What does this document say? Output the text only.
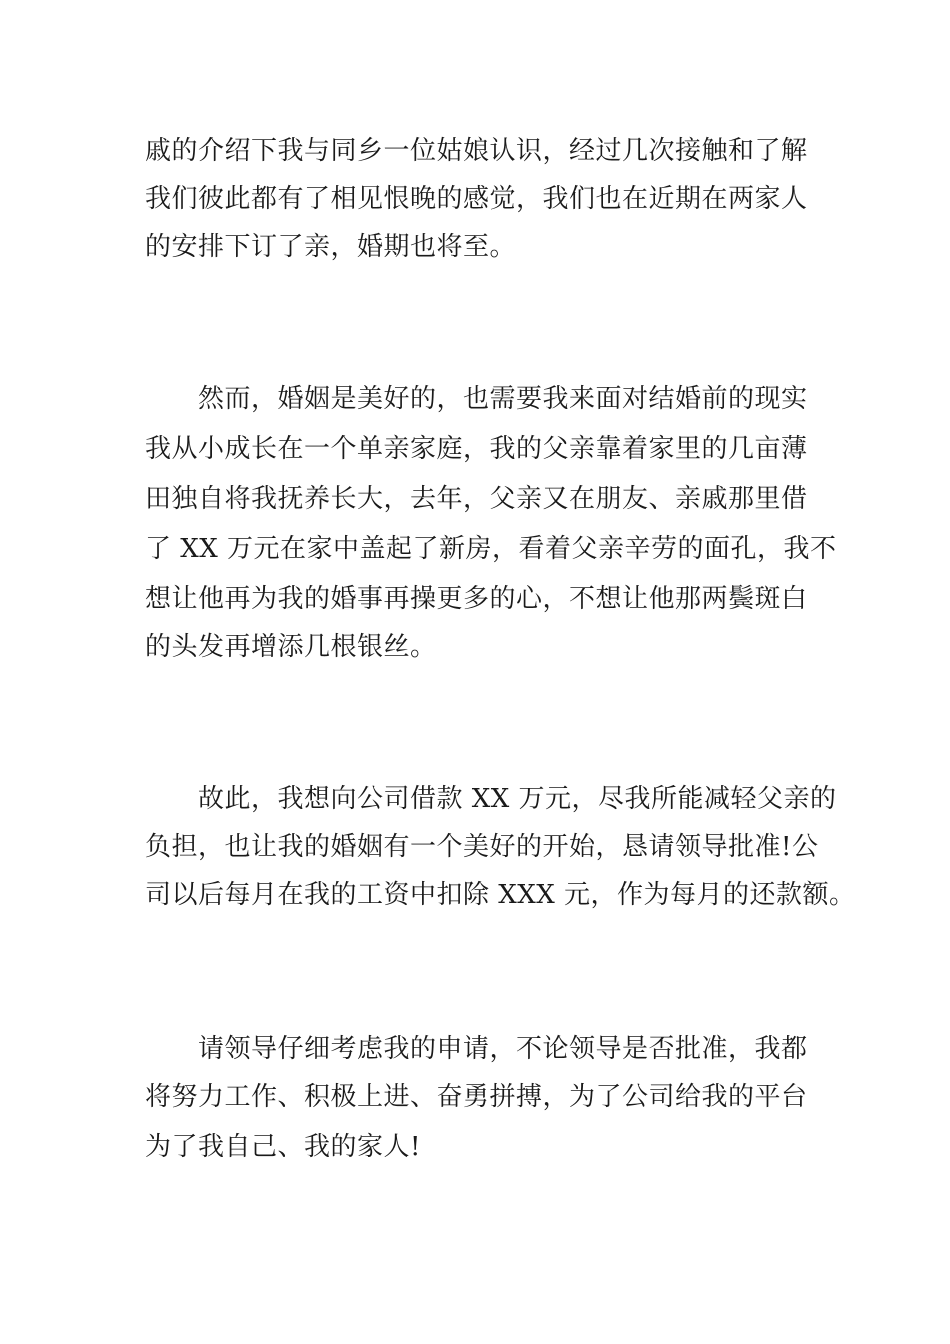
戚的介绍下我与同乡一位姑娘认识，经过几次接触和了解
我们彼此都有了相见恨晚的感觉，我们也在近期在两家人
的安排下订了亲，婚期也将至。
然而，婚姻是美好的，也需要我来面对结婚前的现实
我从小成长在一个单亲家庭，我的父亲靠着家里的几亩薄
田独自将我抚养长大，去年，父亲又在朋友、亲戚那里借
了 XX 万元在家中盖起了新房，看着父亲辛劳的面孔，我不
想让他再为我的婚事再操更多的心，不想让他那两鬓斑白
的头发再增添几根银丝。
故此，我想向公司借款 XX 万元，尽我所能减轻父亲的
负担，也让我的婚姻有一个美好的开始，恳请领导批准!公
司以后每月在我的工资中扣除 XXX 元，作为每月的还款额。
请领导仔细考虑我的申请，不论领导是否批准，我都
将努力工作、积极上进、奋勇拼搏，为了公司给我的平台
为了我自己、我的家人!
